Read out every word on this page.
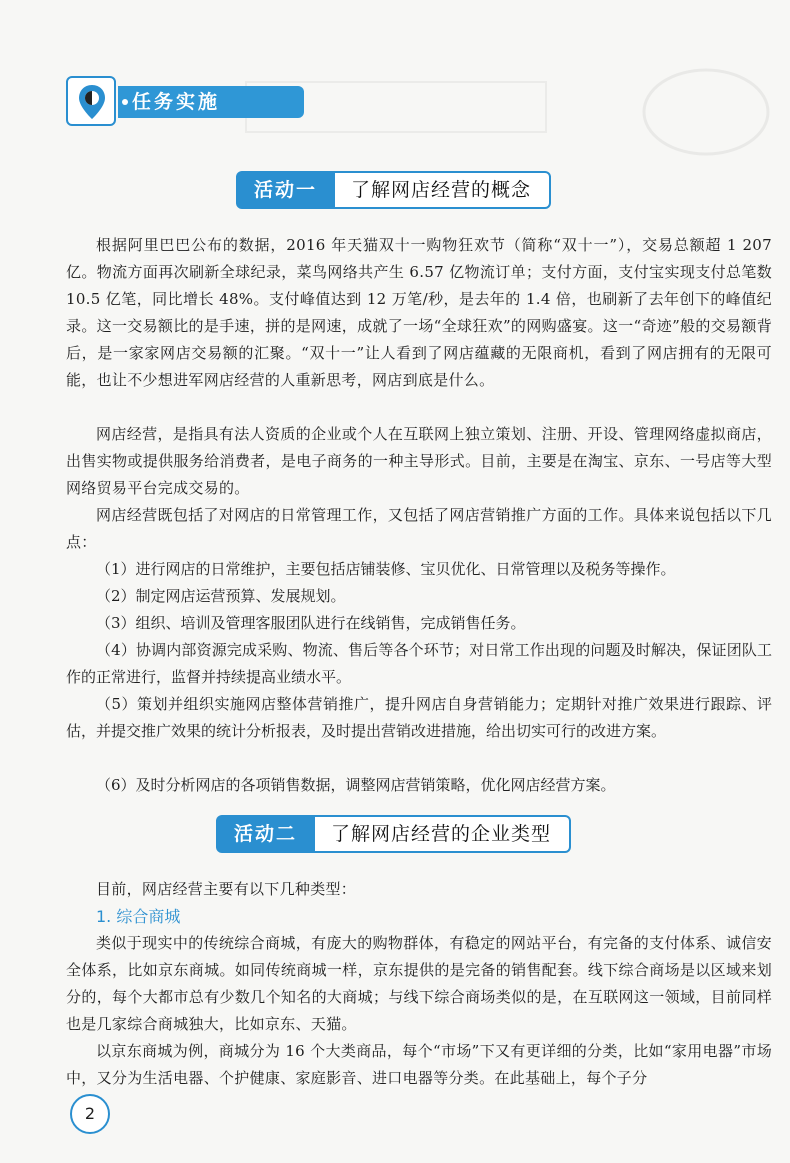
任务实施
活动一	了解网店经营的概念

根据阿里巴巴公布的数据，2016 年天猫双十一购物狂欢节（简称“双十一”），交易总额超 1 207 亿。物流方面再次刷新全球纪录，菜鸟网络共产生 6.57 亿物流订单；支付方面，支付宝实现支付总笔数 10.5 亿笔，同比增长 48%。支付峰值达到 12 万笔/秒，是去年的 1.4 倍，也刷新了去年创下的峰值纪录。这一交易额比的是手速，拼的是网速，成就了一场“全球狂欢”的网购盛宴。这一“奇迹”般的交易额背后，是一家家网店交易额的汇聚。“双十一”让人看到了网店蕴藏的无限商机，看到了网店拥有的无限可能，也让不少想进军网店经营的人重新思考，网店到底是什么。

网店经营，是指具有法人资质的企业或个人在互联网上独立策划、注册、开设、管理网络虚拟商店，出售实物或提供服务给消费者，是电子商务的一种主导形式。目前，主要是在淘宝、京东、一号店等大型网络贸易平台完成交易的。

网店经营既包括了对网店的日常管理工作，又包括了网店营销推广方面的工作。具体来说包括以下几点：

（1）进行网店的日常维护，主要包括店铺装修、宝贝优化、日常管理以及税务等操作。

（2）制定网店运营预算、发展规划。

（3）组织、培训及管理客服团队进行在线销售，完成销售任务。

（4）协调内部资源完成采购、物流、售后等各个环节；对日常工作出现的问题及时解决，保证团队工作的正常进行，监督并持续提高业绩水平。

（5）策划并组织实施网店整体营销推广，提升网店自身营销能力；定期针对推广效果进行跟踪、评估，并提交推广效果的统计分析报表，及时提出营销改进措施，给出切实可行的改进方案。

（6）及时分析网店的各项销售数据，调整网店营销策略，优化网店经营方案。

活动二	了解网店经营的企业类型

目前，网店经营主要有以下几种类型：

1. 综合商城

类似于现实中的传统综合商城，有庞大的购物群体，有稳定的网站平台，有完备的支付体系、诚信安全体系，比如京东商城。如同传统商城一样，京东提供的是完备的销售配套。线下综合商场是以区域来划分的，每个大都市总有少数几个知名的大商城；与线下综合商场类似的是，在互联网这一领域，目前同样也是几家综合商城独大，比如京东、天猫。

以京东商城为例，商城分为 16 个大类商品，每个“市场”下又有更详细的分类，比如“家用电器”市场中，又分为生活电器、个护健康、家庭影音、进口电器等分类。在此基础上，每个子分

2
